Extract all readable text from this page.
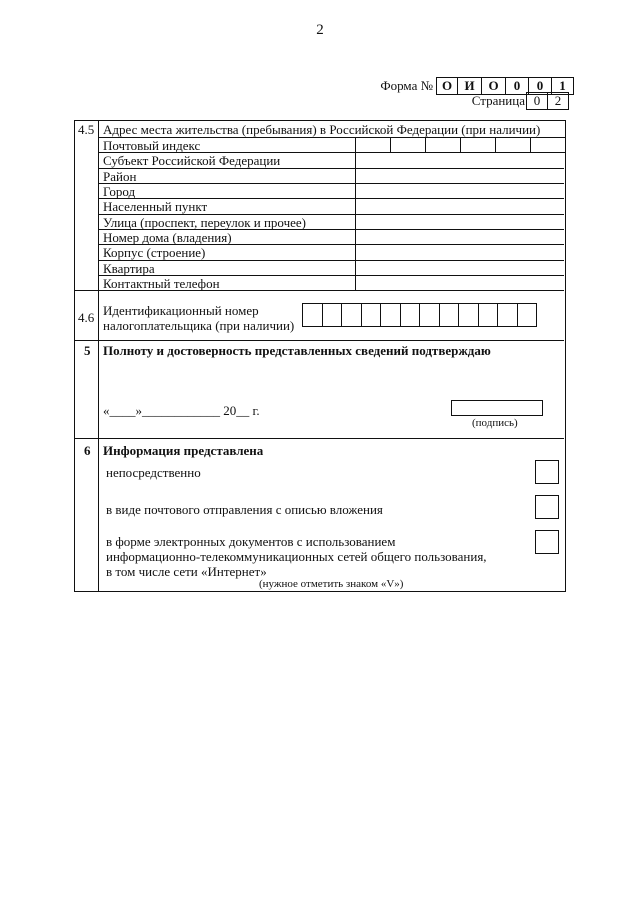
2
Форма № О И	О	0	0	1
Страница 0	2
4.5 Адрес места жительства (пребывания) в Российской Федерации (при наличии)
Почтовый индекс
Субъект Российской Федерации
Район
Город
Населенный пункт
Улица (проспект, переулок и прочее)
Номер дома (владения)
Корпус (строение)
Квартира
Контактный телефон
4.6 Идентификационный номер
налогоплательщика (при наличии)
5 Полноту и достоверность представленных сведений подтверждаю
«____»____________ 20__ г.
(подпись)
6 Информация представлена
непосредственно
в виде почтового отправления с описью вложения
в форме электронных документов с использованием
информационно-телекоммуникационных сетей общего пользования,
в том числе сети «Интернет»
(нужное отметить знаком «V»)
